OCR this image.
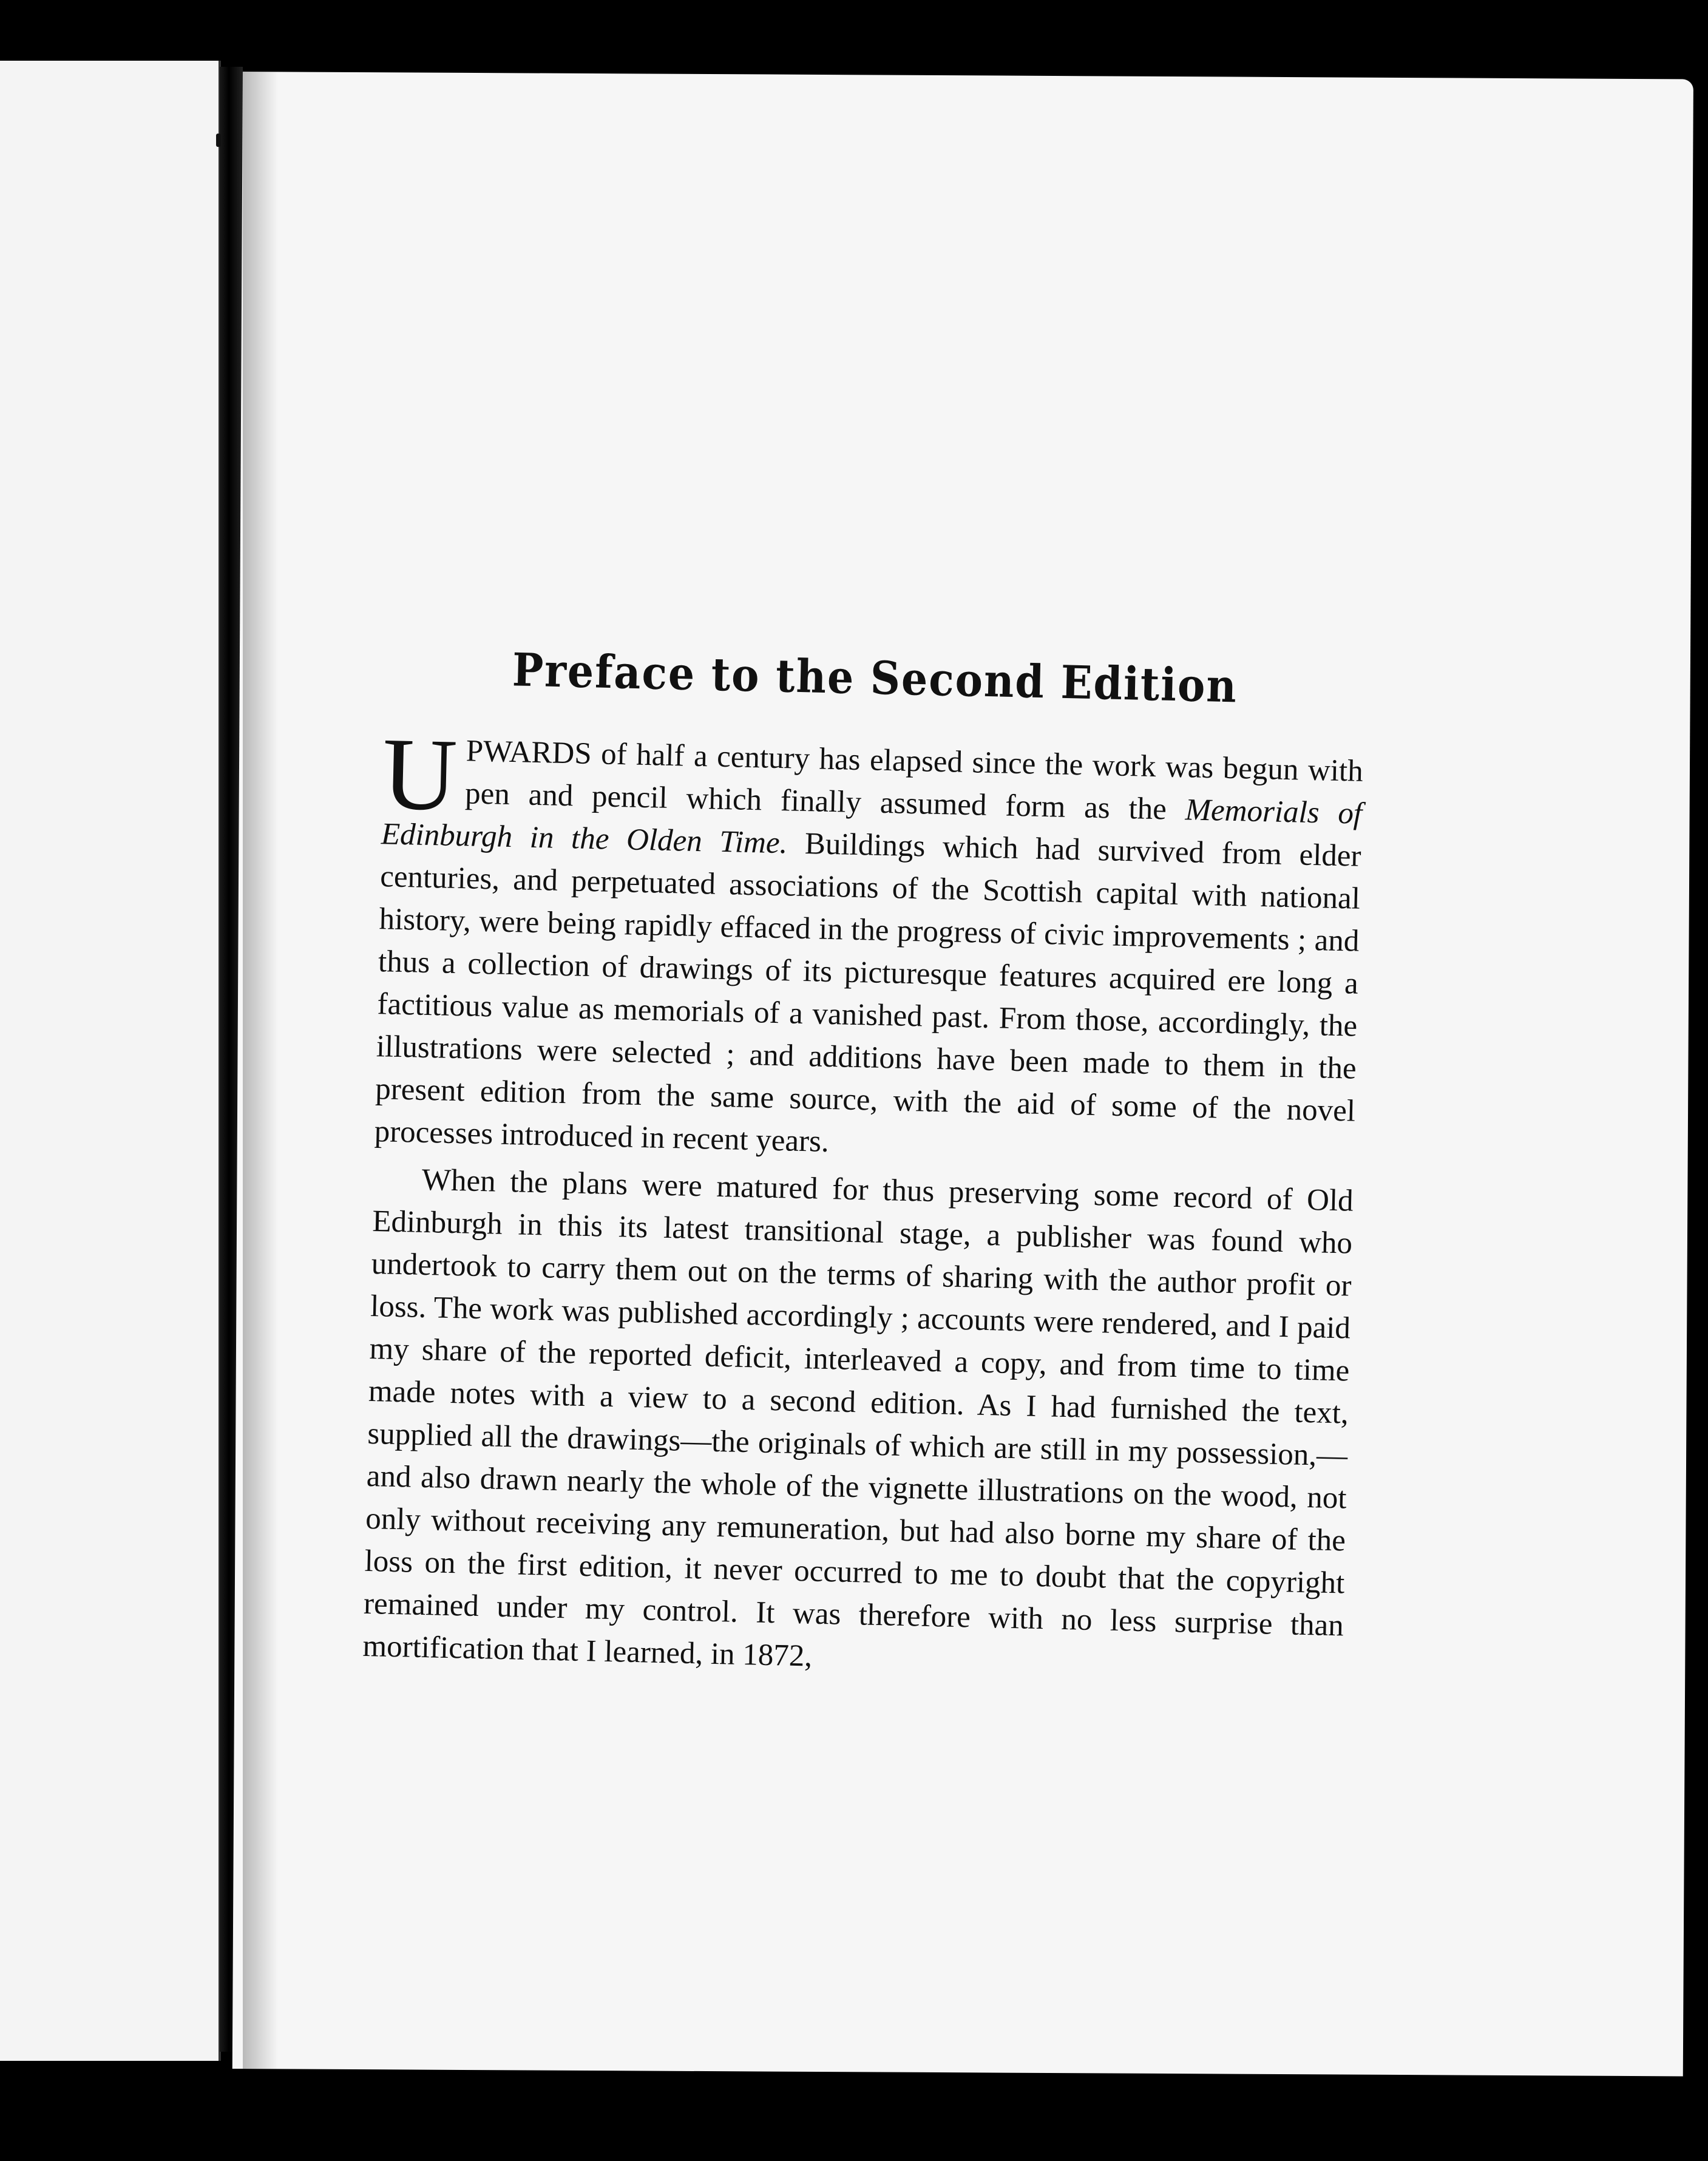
Preface to the Second Edition

UPWARDS of half a century has elapsed since the work was begun with pen and pencil which finally assumed form as the Memorials of Edinburgh in the Olden Time. Buildings which had survived from elder centuries, and perpetuated associations of the Scottish capital with national history, were being rapidly effaced in the progress of civic improvements ; and thus a collection of drawings of its picturesque features acquired ere long a factitious value as memorials of a vanished past. From those, accordingly, the illustrations were selected ; and additions have been made to them in the present edition from the same source, with the aid of some of the novel processes introduced in recent years.

When the plans were matured for thus preserving some record of Old Edinburgh in this its latest transitional stage, a publisher was found who undertook to carry them out on the terms of sharing with the author profit or loss. The work was published accordingly ; accounts were rendered, and I paid my share of the reported deficit, interleaved a copy, and from time to time made notes with a view to a second edition. As I had furnished the text, supplied all the drawings—the originals of which are still in my possession,—and also drawn nearly the whole of the vignette illustrations on the wood, not only without receiving any remuneration, but had also borne my share of the loss on the first edition, it never occurred to me to doubt that the copyright remained under my control. It was therefore with no less surprise than mortification that I learned, in 1872,
